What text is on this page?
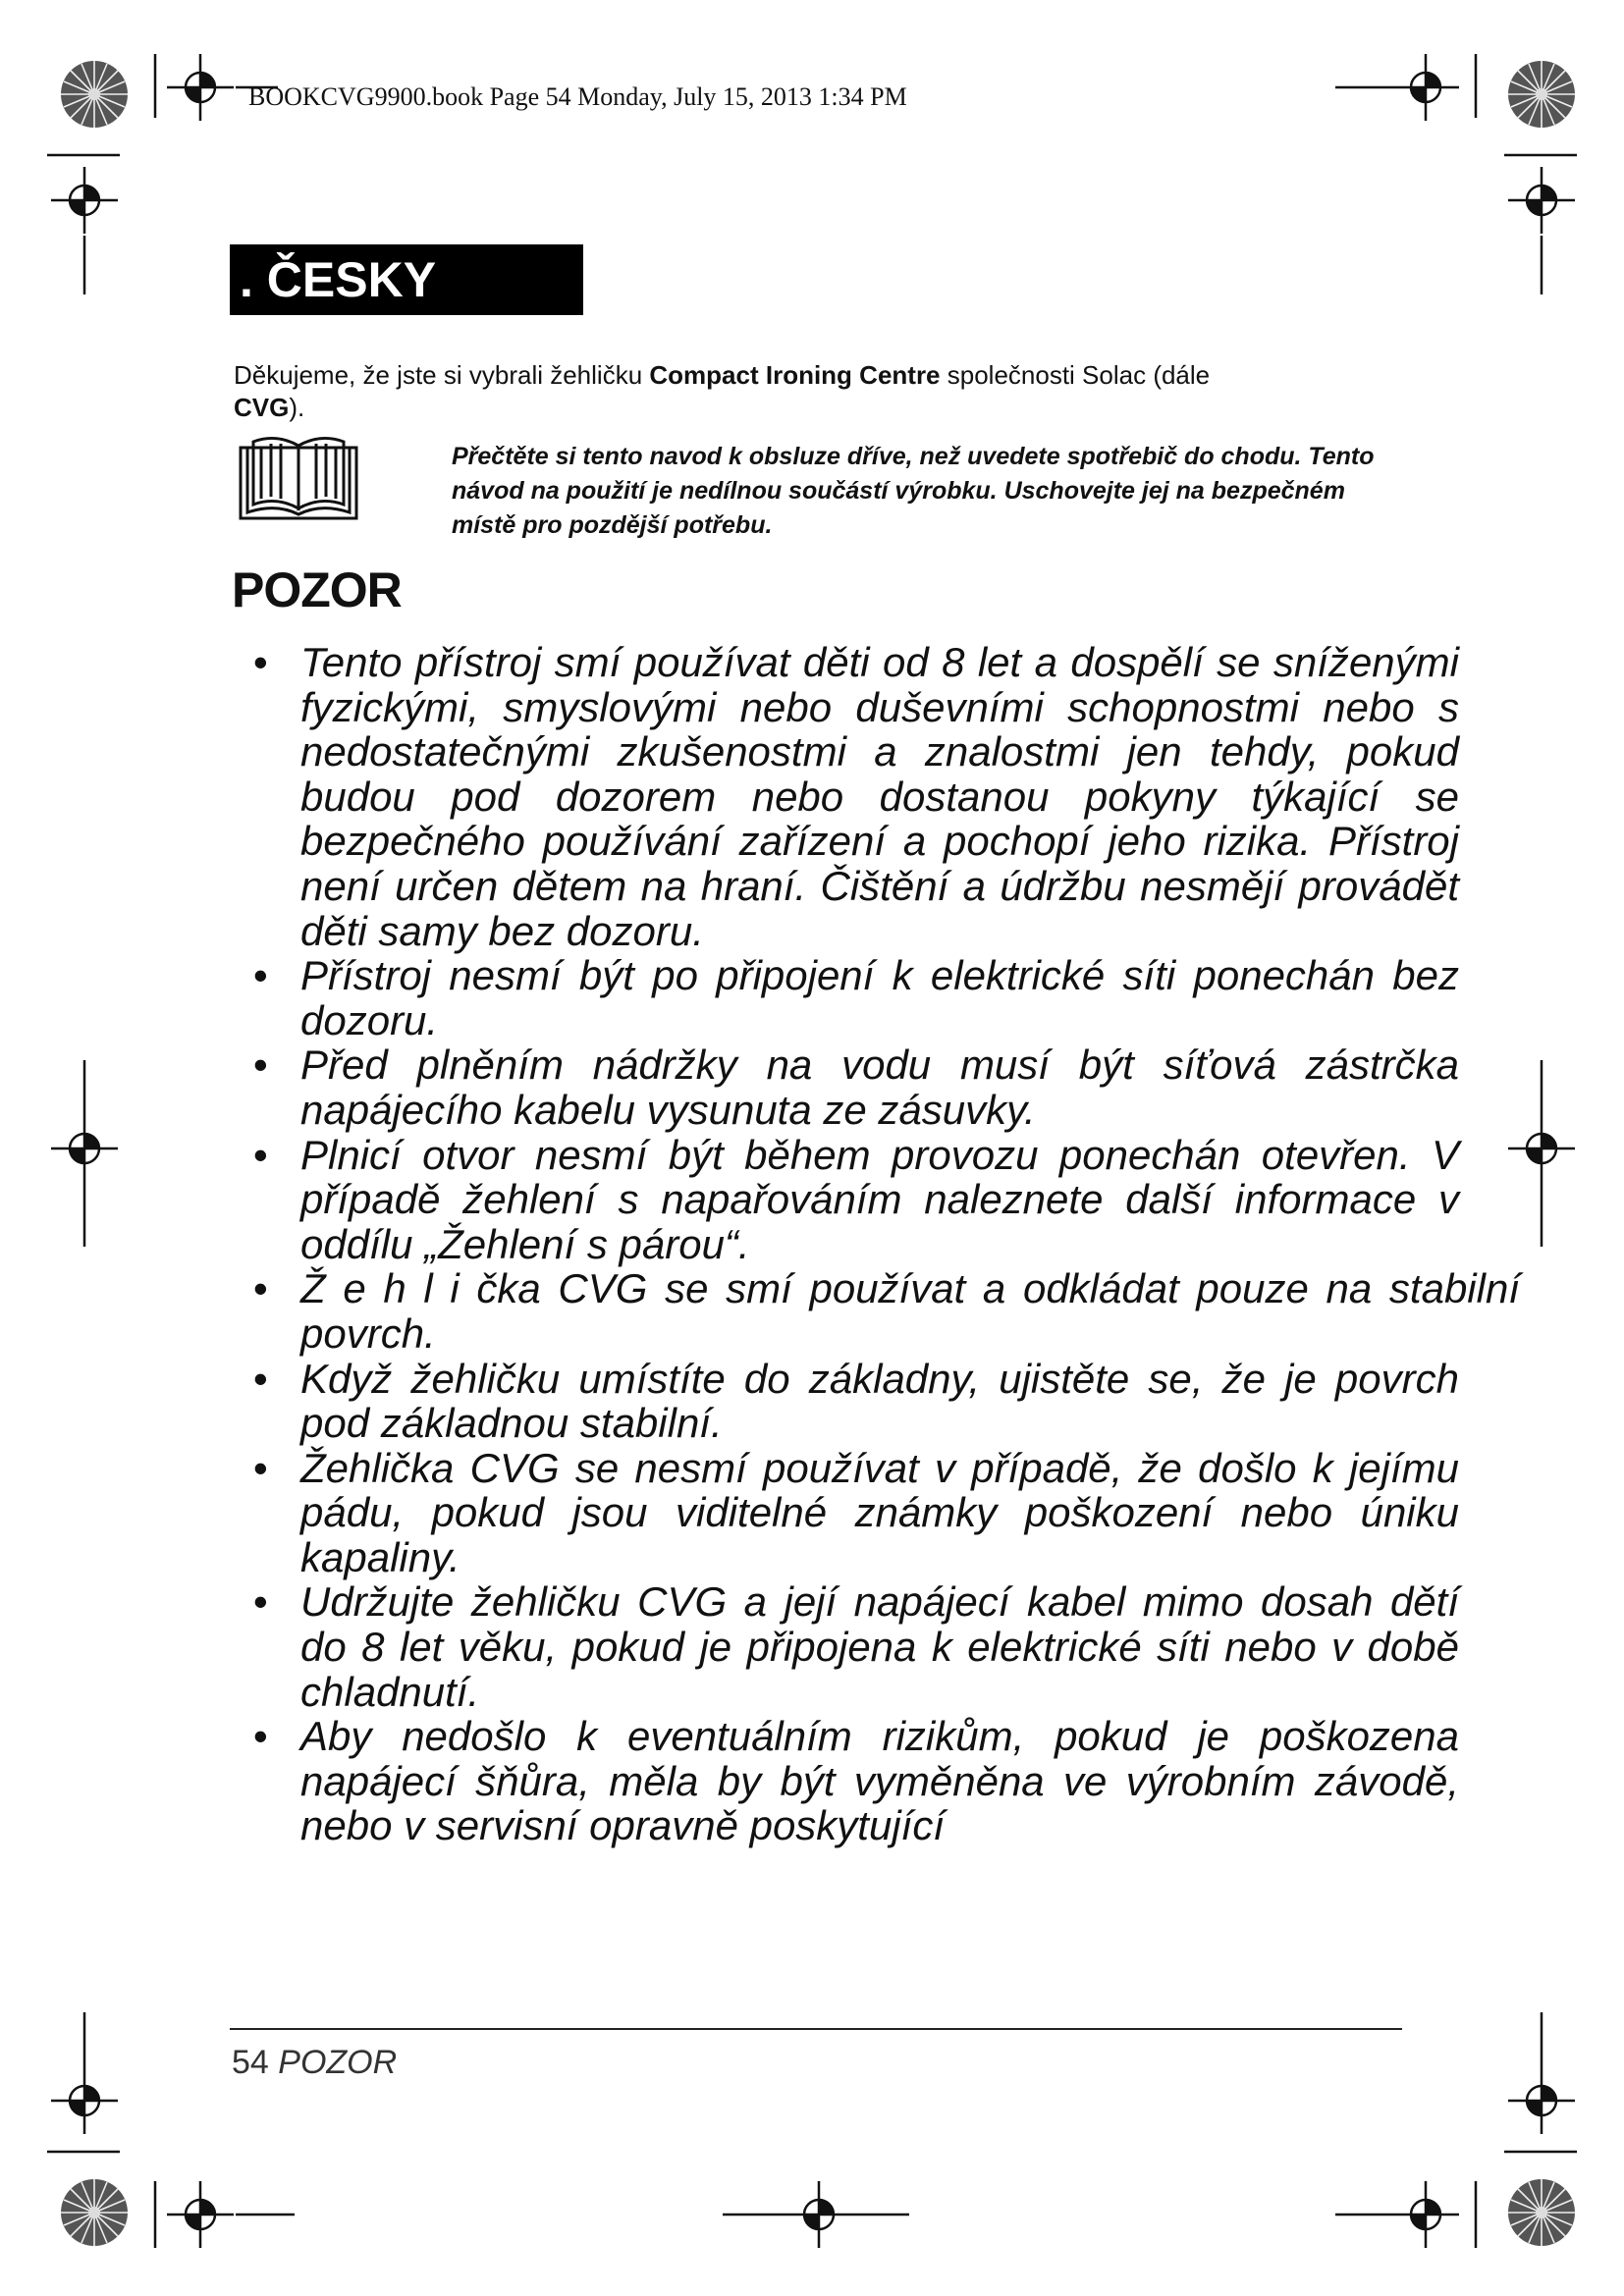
BOOKCVG9900.book Page 54 Monday, July 15, 2013 1:34 PM
. ČESKY
Děkujeme, že jste si vybrali žehličku Compact Ironing Centre společnosti Solac (dále
CVG).
Přečtěte si tento navod k obsluze dříve, než uvedete spotřebič do chodu. Tento návod na použití je nedílnou součástí výrobku. Uschovejte jej na bezpečném místě pro pozdější potřebu.
POZOR
• Tento přístroj smí používat děti od 8 let a dospělí se sníženými fyzickými, smyslovými nebo duševními schopnostmi nebo s nedostatečnými zkušenostmi a znalostmi jen tehdy, pokud budou pod dozorem nebo dostanou pokyny týkající se bezpečného používání zařízení a pochopí jeho rizika. Přístroj není určen dětem na hraní. Čištění a údržbu nesmějí provádět děti samy bez dozoru.
• Přístroj nesmí být po připojení k elektrické síti ponechán bez dozoru.
• Před plněním nádržky na vodu musí být síťová zástrčka napájecího kabelu vysunuta ze zásuvky.
• Plnicí otvor nesmí být během provozu ponechán otevřen. V případě žehlení s napařováním naleznete další informace v oddílu „Žehlení s párou“.
• Ž e h l i čka CVG se smí používat a odkládat pouze na stabilní povrch.
• Když žehličku umístíte do základny, ujistěte se, že je povrch pod základnou stabilní.
• Žehlička CVG se nesmí používat v případě, že došlo k jejímu pádu, pokud jsou viditelné známky poškození nebo úniku kapaliny.
• Udržujte žehličku CVG a její napájecí kabel mimo dosah dětí do 8 let věku, pokud je připojena k elektrické síti nebo v době chladnutí.
• Aby nedošlo k eventuálním rizikům, pokud je poškozena napájecí šňůra, měla by být vyměněna ve výrobním závodě, nebo v servisní opravně poskytující
54 POZOR
